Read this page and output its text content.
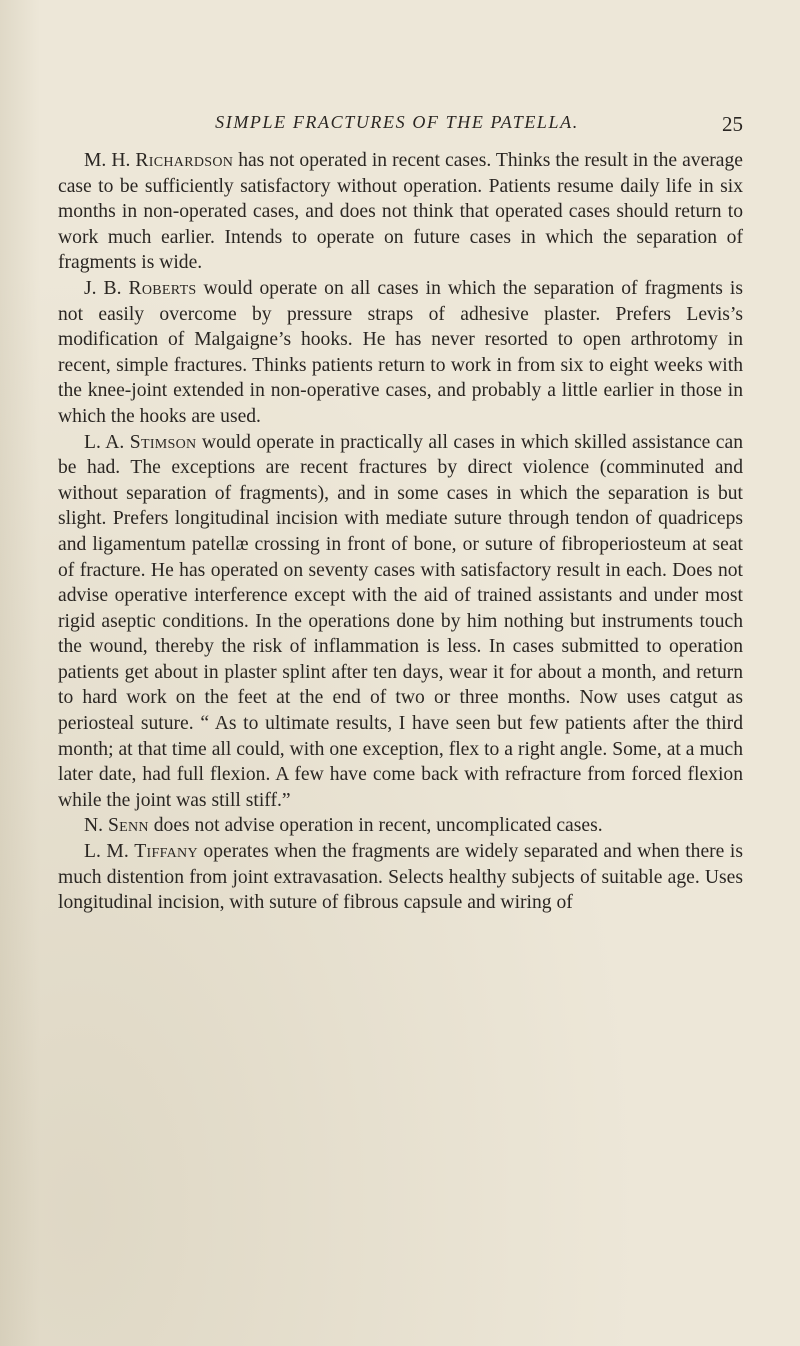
SIMPLE FRACTURES OF THE PATELLA.	25

M. H. Richardson has not operated in recent cases. Thinks the result in the average case to be sufficiently satisfactory without operation. Patients resume daily life in six months in non-operated cases, and does not think that operated cases should return to work much earlier. Intends to operate on future cases in which the separation of fragments is wide.

J. B. Roberts would operate on all cases in which the separation of fragments is not easily overcome by pressure straps of adhesive plaster. Prefers Levis’s modification of Malgaigne’s hooks. He has never resorted to open arthrotomy in recent, simple fractures. Thinks patients return to work in from six to eight weeks with the knee-joint extended in non-operative cases, and probably a little earlier in those in which the hooks are used.

L. A. Stimson would operate in practically all cases in which skilled assistance can be had. The exceptions are recent fractures by direct violence (comminuted and without separation of fragments), and in some cases in which the separation is but slight. Prefers longitudinal incision with mediate suture through tendon of quadriceps and ligamentum patellæ crossing in front of bone, or suture of fibroperiosteum at seat of fracture. He has operated on seventy cases with satisfactory result in each. Does not advise operative interference except with the aid of trained assistants and under most rigid aseptic conditions. In the operations done by him nothing but instruments touch the wound, thereby the risk of inflammation is less. In cases submitted to operation patients get about in plaster splint after ten days, wear it for about a month, and return to hard work on the feet at the end of two or three months. Now uses catgut as periosteal suture. “ As to ultimate results, I have seen but few patients after the third month; at that time all could, with one exception, flex to a right angle. Some, at a much later date, had full flexion. A few have come back with refracture from forced flexion while the joint was still stiff.”

N. Senn does not advise operation in recent, uncomplicated cases.

L. M. Tiffany operates when the fragments are widely separated and when there is much distention from joint extravasation. Selects healthy subjects of suitable age. Uses longitudinal incision, with suture of fibrous capsule and wiring of
